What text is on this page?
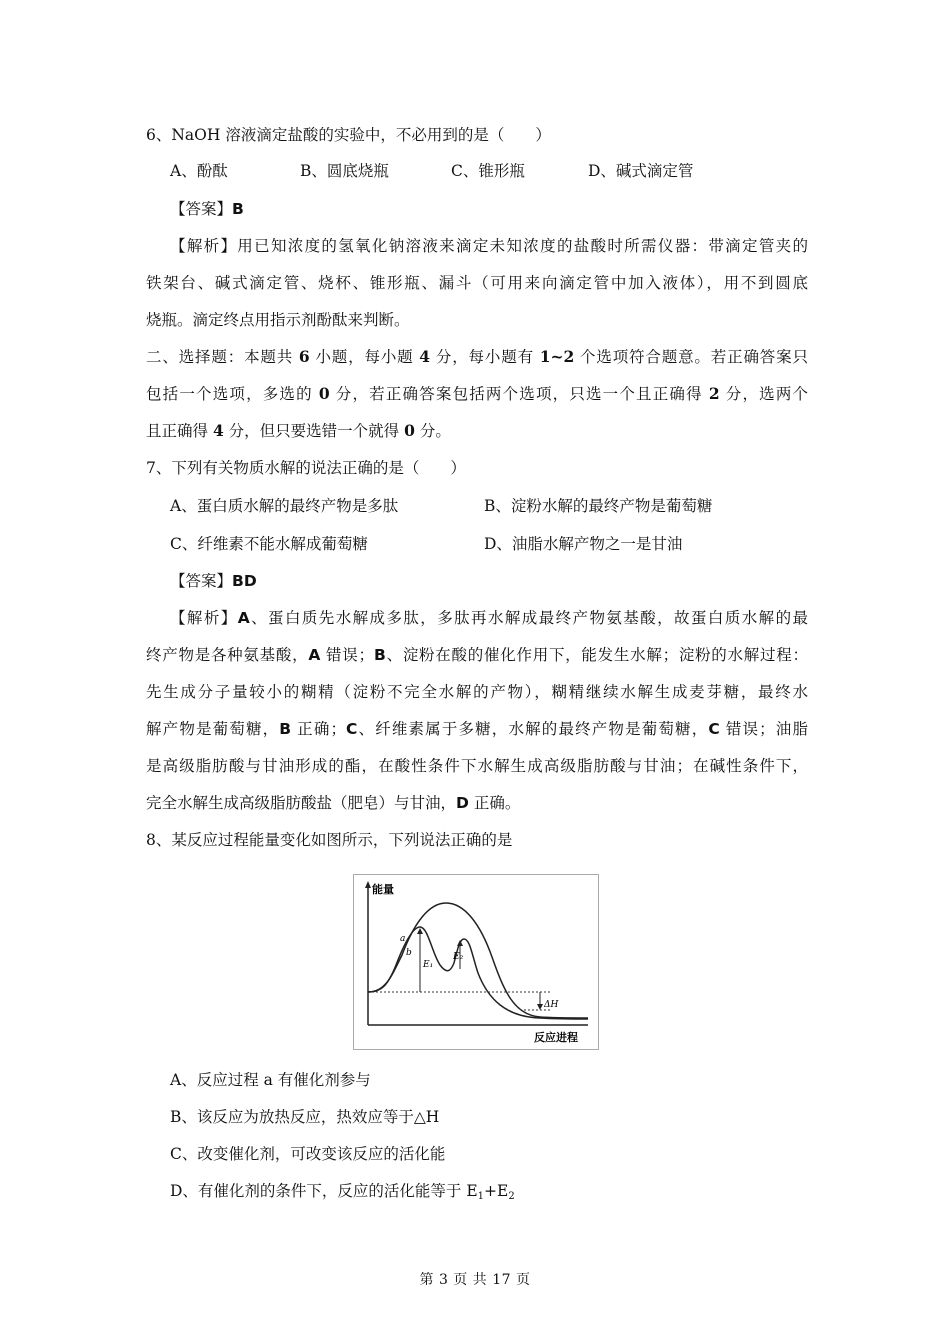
6、NaOH 溶液滴定盐酸的实验中，不必用到的是（　　）
A、酚酞	B、圆底烧瓶	C、锥形瓶	D、碱式滴定管
【答案】B
【解析】用已知浓度的氢氧化钠溶液来滴定未知浓度的盐酸时所需仪器：带滴定管夹的
铁架台、碱式滴定管、烧杯、锥形瓶、漏斗（可用来向滴定管中加入液体），用不到圆底
烧瓶。滴定终点用指示剂酚酞来判断。
二、选择题：本题共 6 小题，每小题 4 分，每小题有 1~2 个选项符合题意。若正确答案只
包括一个选项，多选的 0 分，若正确答案包括两个选项，只选一个且正确得 2 分，选两个
且正确得 4 分，但只要选错一个就得 0 分。
7、下列有关物质水解的说法正确的是（　　）
A、蛋白质水解的最终产物是多肽	B、淀粉水解的最终产物是葡萄糖
C、纤维素不能水解成葡萄糖	D、油脂水解产物之一是甘油
【答案】BD
【解析】A、蛋白质先水解成多肽，多肽再水解成最终产物氨基酸，故蛋白质水解的最
终产物是各种氨基酸，A 错误；B、淀粉在酸的催化作用下，能发生水解；淀粉的水解过程：
先生成分子量较小的糊精（淀粉不完全水解的产物），糊精继续水解生成麦芽糖，最终水
解产物是葡萄糖，B 正确；C、纤维素属于多糖，水解的最终产物是葡萄糖，C 错误；油脂
是高级脂肪酸与甘油形成的酯，在酸性条件下水解生成高级脂肪酸与甘油；在碱性条件下，
完全水解生成高级脂肪酸盐（肥皂）与甘油，D 正确。
8、某反应过程能量变化如图所示，下列说法正确的是
能量
反应进程
a
b
E₁
E₂
ΔH
A、反应过程 a 有催化剂参与
B、该反应为放热反应，热效应等于△H
C、改变催化剂，可改变该反应的活化能
D、有催化剂的条件下，反应的活化能等于 $E_1+E_2$
第 3 页 共 17 页
